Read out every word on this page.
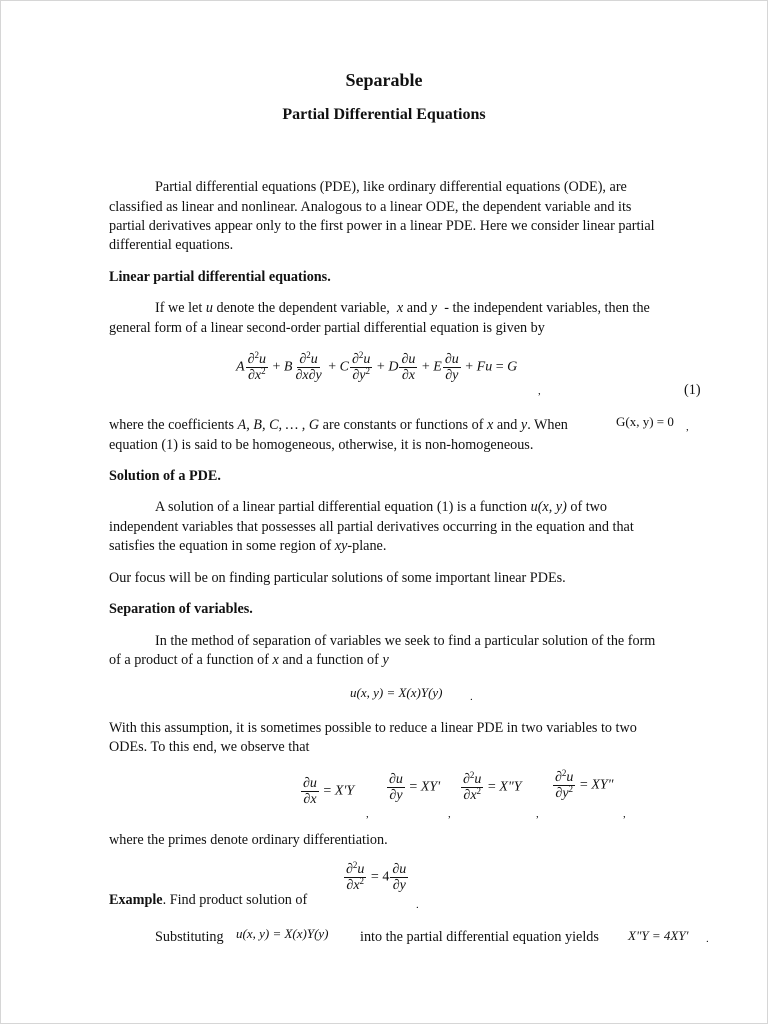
Separable
Partial Differential Equations
Partial differential equations (PDE), like ordinary differential equations (ODE), are
classified as linear and nonlinear. Analogous to a linear ODE, the dependent variable and its
partial derivatives appear only to the first power in a linear PDE. Here we consider linear partial
differential equations.
Linear partial differential equations.
If we let u denote the dependent variable, x and y - the independent variables, then the
general form of a linear second-order partial differential equation is given by
A $\frac{\partial^2u}{\partial x^2} + B \frac{\partial^2u}{\partial x\partial y} + C \frac{\partial^2u}{\partial y^2} + D \frac{\partial u}{\partial x} + E \frac{\partial u}{\partial y} + Fu = G$
,	(1)
where the coefficients A, B, C, … , G are constants or functions of x and y. When	G(x, y) = 0 ,
equation (1) is said to be homogeneous, otherwise, it is non-homogeneous.
Solution of a PDE.
A solution of a linear partial differential equation (1) is a function u(x, y) of two
independent variables that possesses all partial derivatives occurring in the equation and that
satisfies the equation in some region of xy-plane.
Our focus will be on finding particular solutions of some important linear PDEs.
Separation of variables.
In the method of separation of variables we seek to find a particular solution of the form
of a product of a function of x and a function of y
u(x, y) = X(x)Y(y)	.
With this assumption, it is sometimes possible to reduce a linear PDE in two variables to two
ODEs. To this end, we observe that
$\frac{\partial u}{\partial x} = X'Y$
,
$\frac{\partial u}{\partial y} = XY'$
,
$\frac{\partial^2u}{\partial x^2}$ = X"Y
,
$\frac{\partial^2u}{\partial y^2}$ = XY"
,
where the primes denote ordinary differentiation.
Example. Find product solution of
$\frac{\partial^2u}{\partial x^2} = 4 \frac{\partial u}{\partial y}$
.
Substituting u(x, y) = X(x)Y(y) into the partial differential equation yields X"Y = 4XY' .
